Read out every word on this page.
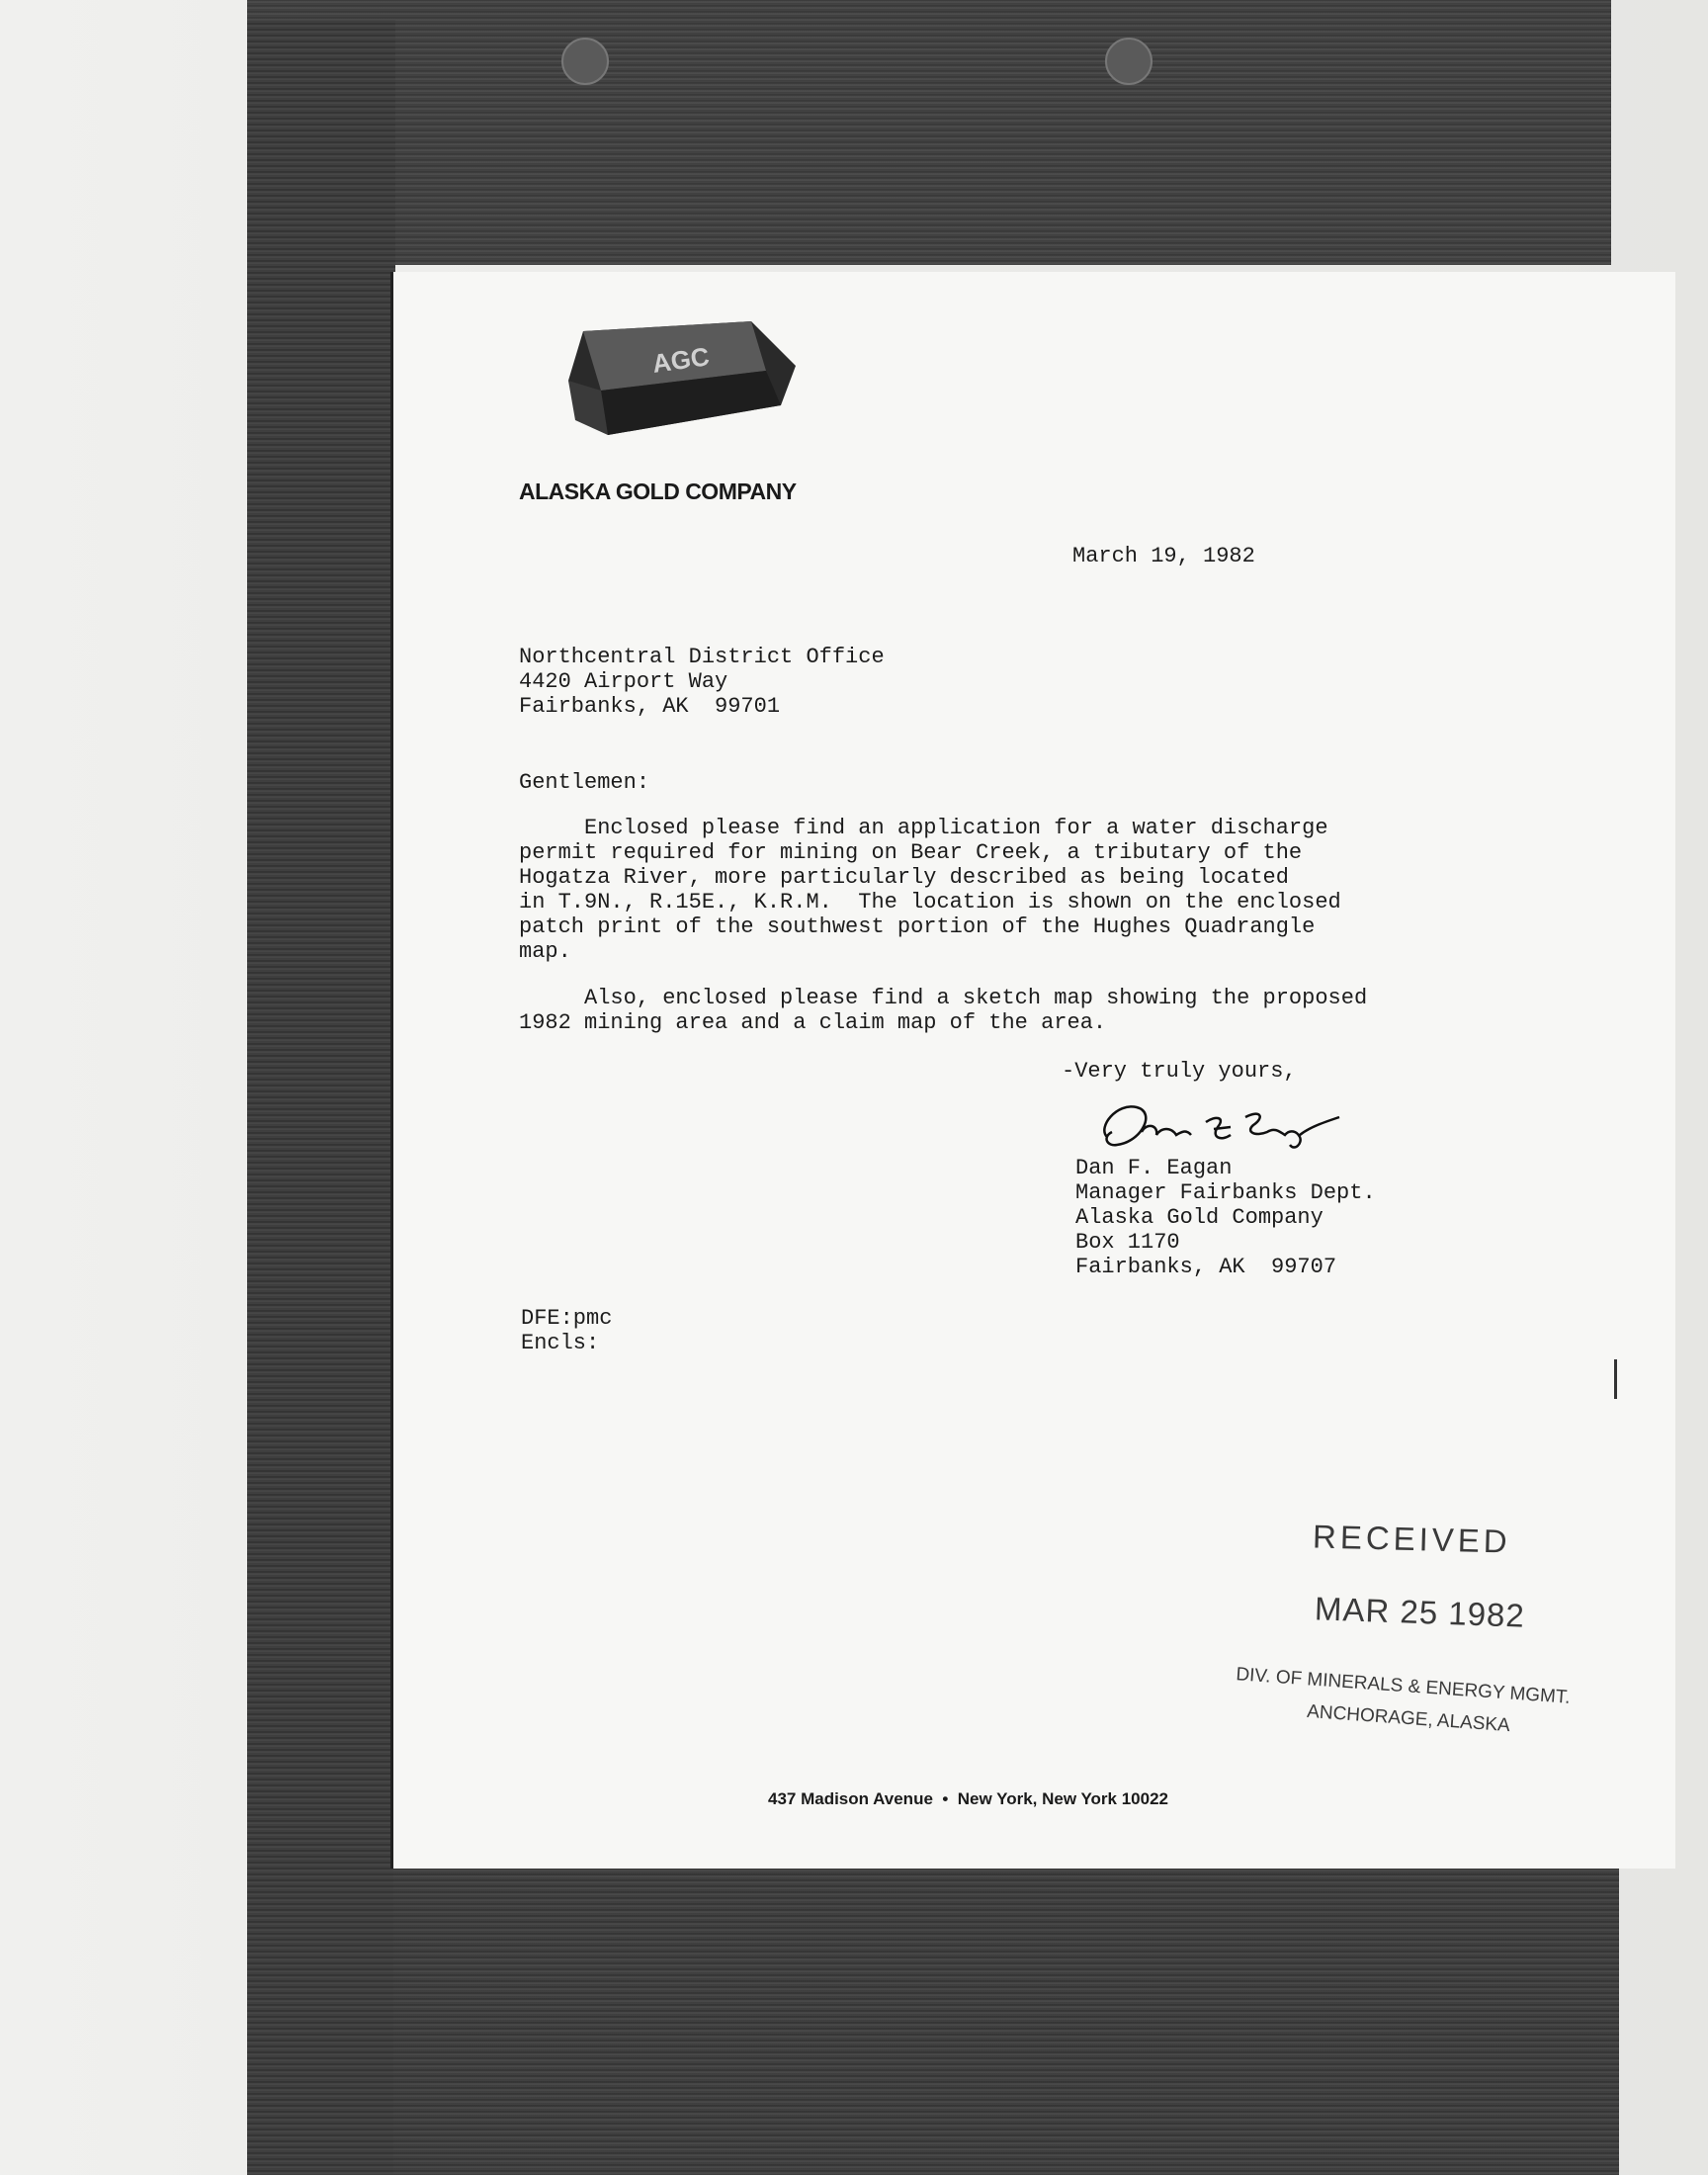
AGC
ALASKA GOLD COMPANY
March 19, 1982
Northcentral District Office
4420 Airport Way
Fairbanks, AK  99701
Gentlemen:
Enclosed please find an application for a water discharge
permit required for mining on Bear Creek, a tributary of the
Hogatza River, more particularly described as being located
in T.9N., R.15E., K.R.M.  The location is shown on the enclosed
patch print of the southwest portion of the Hughes Quadrangle
map.
Also, enclosed please find a sketch map showing the proposed
1982 mining area and a claim map of the area.
-Very truly yours,
Dan F. Eagan
Manager Fairbanks Dept.
Alaska Gold Company
Box 1170
Fairbanks, AK  99707
DFE:pmc
Encls:
RECEIVED
MAR 25 1982
DIV. OF MINERALS & ENERGY MGMT.
ANCHORAGE, ALASKA
437 Madison Avenue  •  New York, New York 10022
